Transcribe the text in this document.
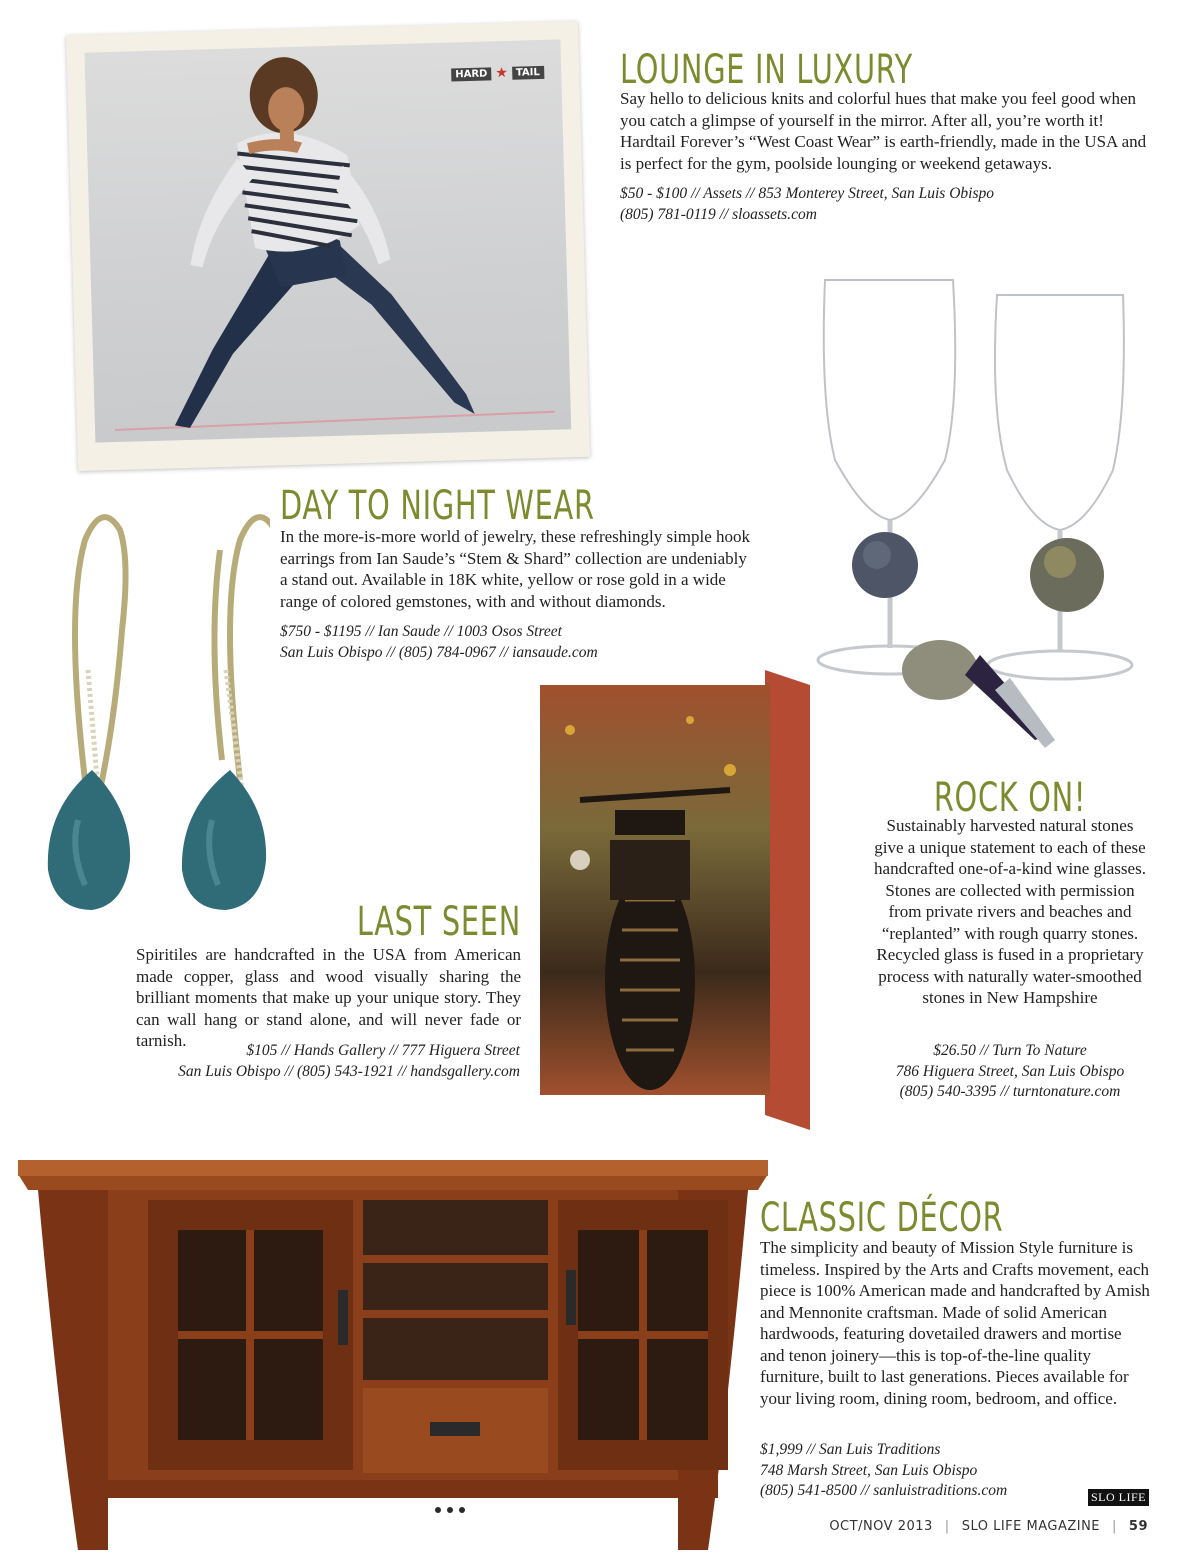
HARD ★ TAIL LOUNGE IN LUXURY

Say hello to delicious knits and colorful hues that make you feel good when you catch a glimpse of yourself in the mirror. After all, you’re worth it! Hardtail Forever’s “West Coast Wear” is earth-friendly, made in the USA and is perfect for the gym, poolside lounging or weekend getaways.

$50 - $100 // Assets // 853 Monterey Street, San Luis Obispo

(805) 781-0119 // sloassets.com

DAY TO NIGHT WEAR

In the more-is-more world of jewelry, these refreshingly simple hook earrings from Ian Saude’s “Stem & Shard” collection are undeniably a stand out. Available in 18K white, yellow or rose gold in a wide range of colored gemstones, with and without diamonds.

$750 - $1195 // Ian Saude // 1003 Osos Street

San Luis Obispo // (805) 784-0967 // iansaude.com

LAST SEEN

Spiritiles are handcrafted in the USA from American made copper, glass and wood visually sharing the brilliant moments that make up your unique story. They can wall hang or stand alone, and will never fade or tarnish.

$105 // Hands Gallery // 777 Higuera Street

San Luis Obispo // (805) 543-1921 // handsgallery.com

ROCK ON!

Sustainably harvested natural stones give a unique statement to each of these handcrafted one-of-a-kind wine glasses. Stones are collected with permission from private rivers and beaches and “replanted” with rough quarry stones. Recycled glass is fused in a proprietary process with naturally water-smoothed stones in New Hampshire

$26.50 // Turn To Nature

786 Higuera Street, San Luis Obispo

(805) 540-3395 // turntonature.com

CLASSIC DÉCOR

The simplicity and beauty of Mission Style furniture is timeless. Inspired by the Arts and Crafts movement, each piece is 100% American made and handcrafted by Amish and Mennonite craftsman. Made of solid American hardwoods, featuring dovetailed drawers and mortise and tenon joinery—this is top-of-the-line quality furniture, built to last generations. Pieces available for your living room, dining room, bedroom, and office.

$1,999 // San Luis Traditions

748 Marsh Street, San Luis Obispo

(805) 541-8500 // sanluistraditions.com	SLO LIFE
OCT/NOV 2013 | SLO LIFE MAGAZINE | 59
